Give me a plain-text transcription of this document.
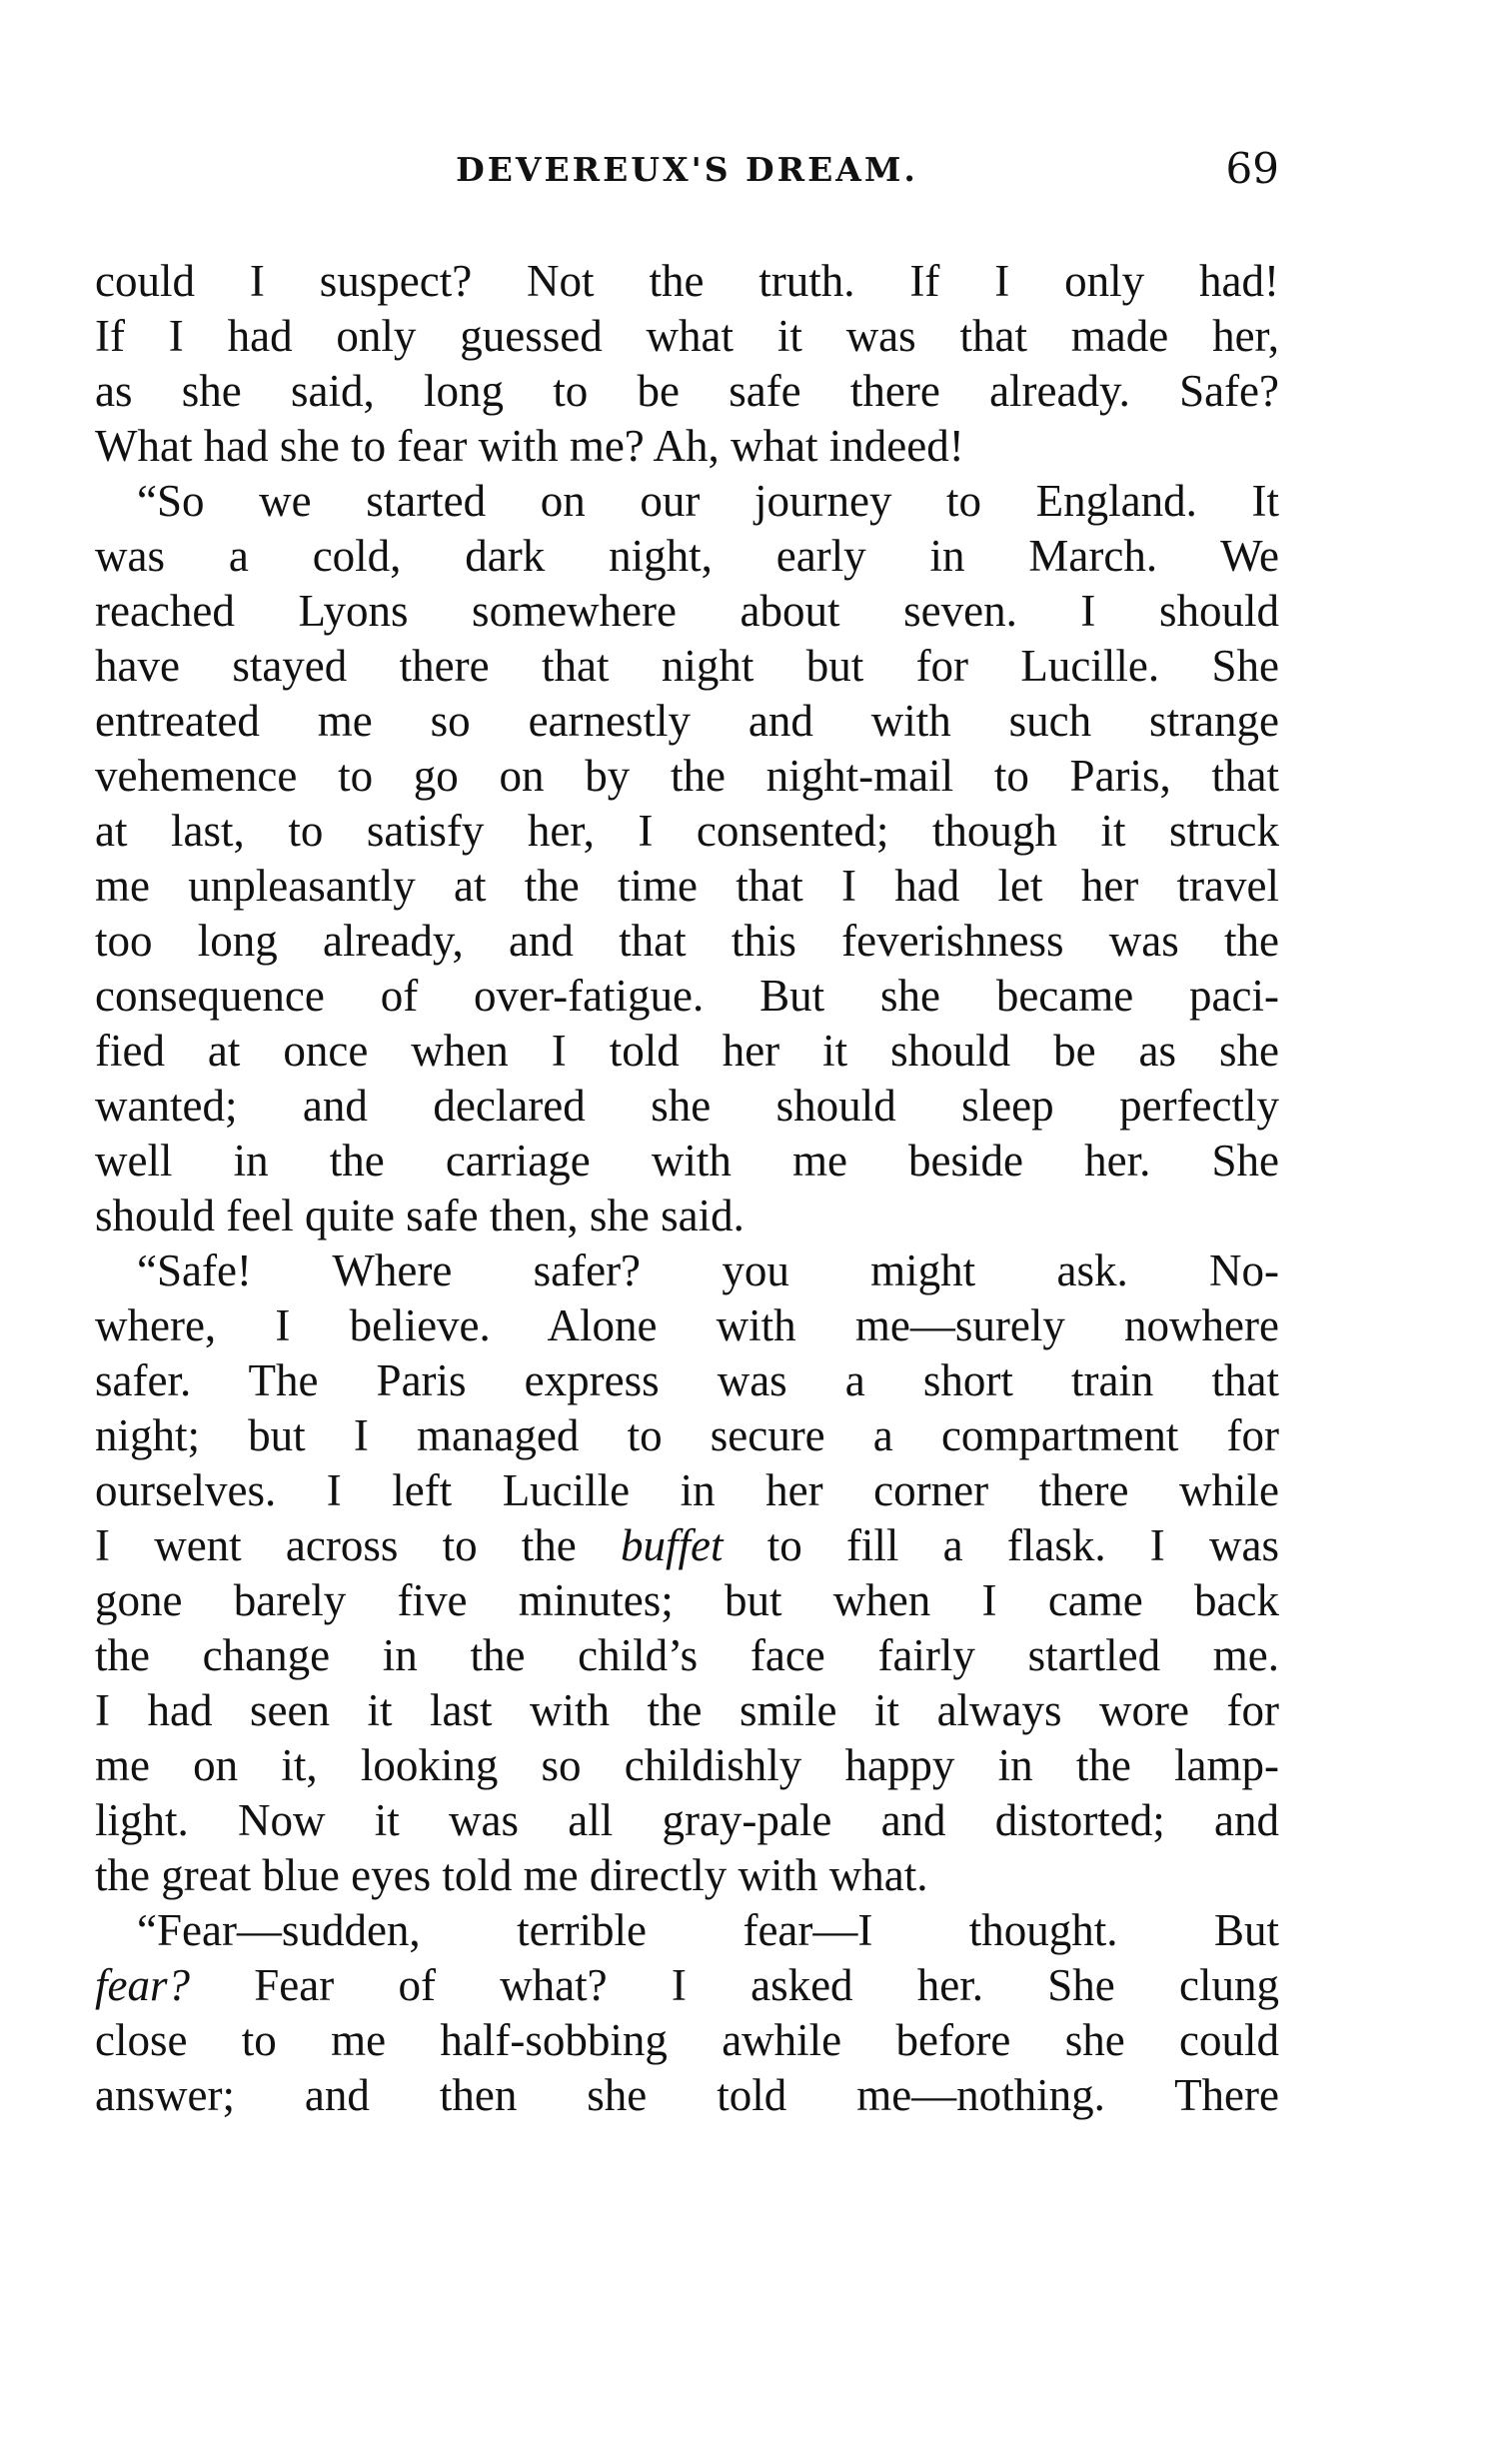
DEVEREUX'S DREAM.	69
could I suspect? Not the truth. If I only had!
If I had only guessed what it was that made her,
as she said, long to be safe there already. Safe?
What had she to fear with me? Ah, what indeed!
“So we started on our journey to England. It
was a cold, dark night, early in March. We
reached Lyons somewhere about seven. I should
have stayed there that night but for Lucille. She
entreated me so earnestly and with such strange
vehemence to go on by the night-mail to Paris, that
at last, to satisfy her, I consented; though it struck
me unpleasantly at the time that I had let her travel
too long already, and that this feverishness was the
consequence of over-fatigue. But she became paci-
fied at once when I told her it should be as she
wanted; and declared she should sleep perfectly
well in the carriage with me beside her. She
should feel quite safe then, she said.
“Safe! Where safer? you might ask. No-
where, I believe. Alone with me—surely nowhere
safer. The Paris express was a short train that
night; but I managed to secure a compartment for
ourselves. I left Lucille in her corner there while
I went across to the buffet to fill a flask. I was
gone barely five minutes; but when I came back
the change in the child’s face fairly startled me.
I had seen it last with the smile it always wore for
me on it, looking so childishly happy in the lamp-
light. Now it was all gray-pale and distorted; and
the great blue eyes told me directly with what.
“Fear—sudden, terrible fear—I thought. But
fear? Fear of what? I asked her. She clung
close to me half-sobbing awhile before she could
answer; and then she told me—nothing. There
